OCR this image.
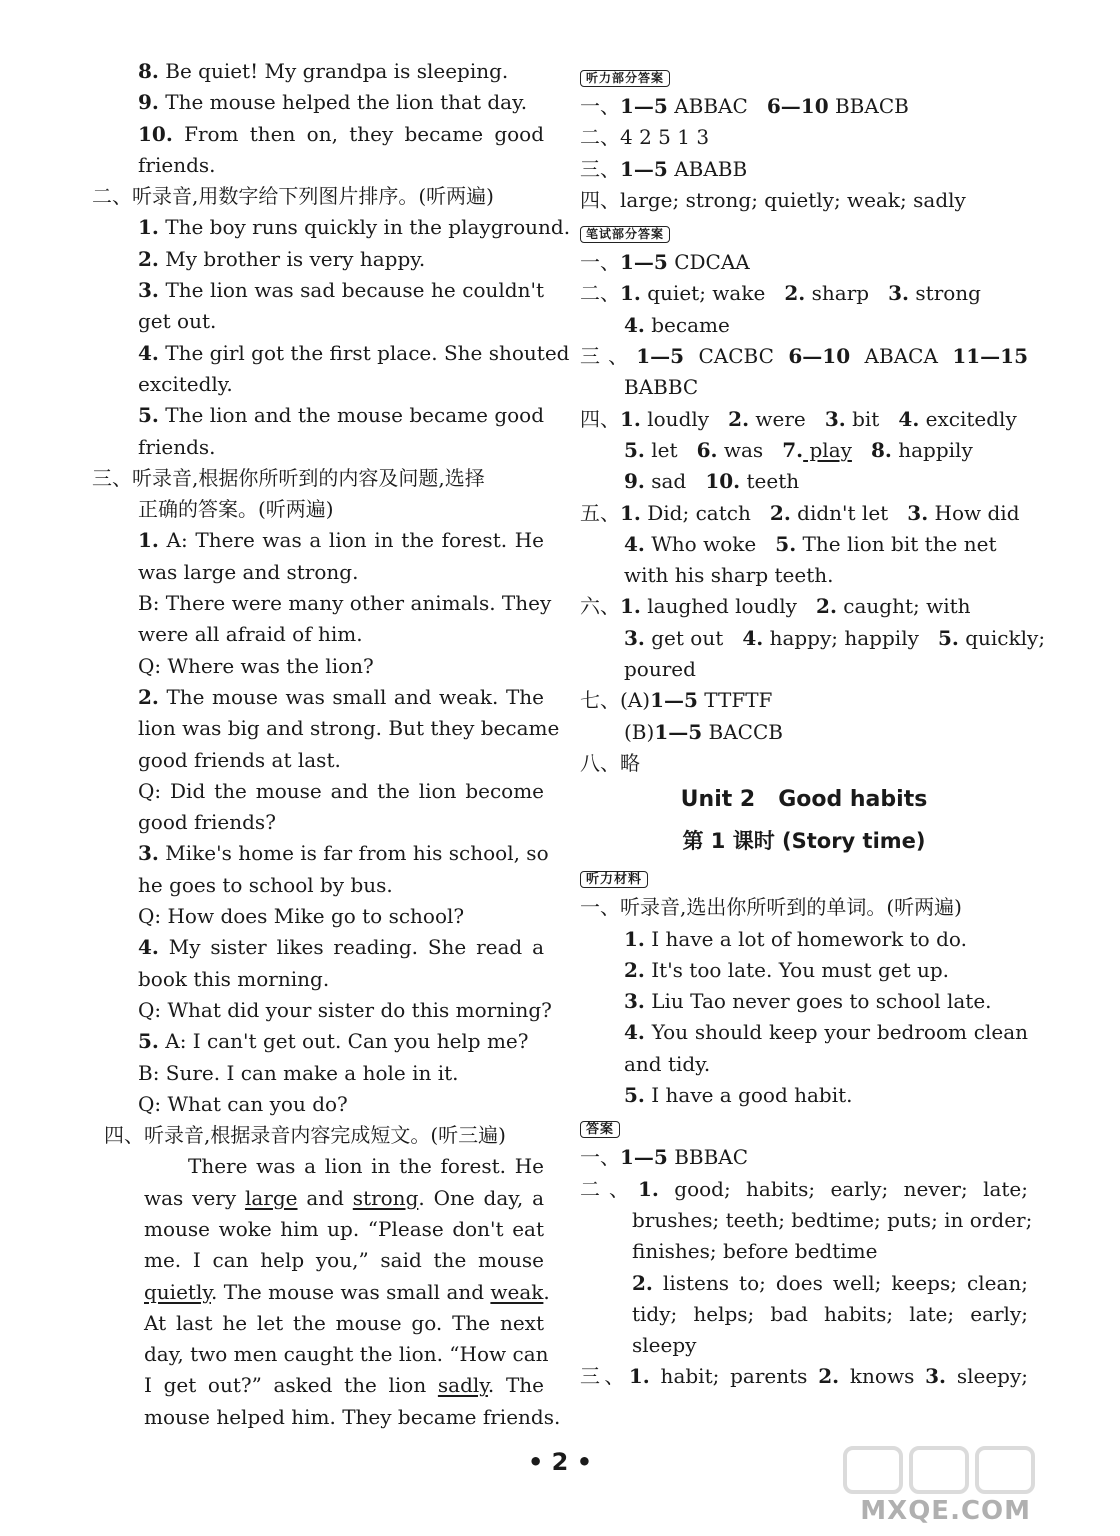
8. Be quiet! My grandpa is sleeping.
9. The mouse helped the lion that day.
10. From then on, they became good
friends.
二、听录音,用数字给下列图片排序。(听两遍)
1. The boy runs quickly in the playground.
2. My brother is very happy.
3. The lion was sad because he couldn't
get out.
4. The girl got the first place. She shouted
excitedly.
5. The lion and the mouse became good
friends.
三、听录音,根据你所听到的内容及问题,选择
正确的答案。(听两遍)
1. A: There was a lion in the forest. He
was large and strong.
B: There were many other animals. They
were all afraid of him.
Q: Where was the lion?
2. The mouse was small and weak. The
lion was big and strong. But they became
good friends at last.
Q: Did the mouse and the lion become
good friends?
3. Mike's home is far from his school, so
he goes to school by bus.
Q: How does Mike go to school?
4. My sister likes reading. She read a
book this morning.
Q: What did your sister do this morning?
5. A: I can't get out. Can you help me?
B: Sure. I can make a hole in it.
Q: What can you do?
四、听录音,根据录音内容完成短文。(听三遍)
There was a lion in the forest. He
was very large and strong. One day, a
mouse woke him up. “Please don't eat
me. I can help you,” said the mouse
quietly. The mouse was small and weak.
At last he let the mouse go. The next
day, two men caught the lion. “How can
I get out?” asked the lion sadly. The
mouse helped him. They became friends.
听力部分答案
一、1—5 ABBAC 6—10 BBACB
二、4 2 5 1 3
三、1—5 ABABB
四、large; strong; quietly; weak; sadly
笔试部分答案
一、1—5 CDCAA
二、1. quiet; wake 2. sharp 3. strong
4. became
三、1—5 CACBC 6—10 ABACA 11—15
BABBC
四、1. loudly 2. were 3. bit 4. excitedly
5. let 6. was 7. play 8. happily
9. sad 10. teeth
五、1. Did; catch 2. didn't let 3. How did
4. Who woke 5. The lion bit the net
with his sharp teeth.
六、1. laughed loudly 2. caught; with
3. get out 4. happy; happily 5. quickly;
poured
七、(A)1—5 TTFTF
(B)1—5 BACCB
八、略
Unit 2   Good habits
第 1 课时 (Story time)
听力材料
一、听录音,选出你所听到的单词。(听两遍)
1. I have a lot of homework to do.
2. It's too late. You must get up.
3. Liu Tao never goes to school late.
4. You should keep your bedroom clean
and tidy.
5. I have a good habit.
答案
一、1—5 BBBAC
二、1. good; habits; early; never; late;
brushes; teeth; bedtime; puts; in order;
finishes; before bedtime
2. listens to; does well; keeps; clean;
tidy; helps; bad habits; late; early;
sleepy
三、1. habit; parents 2. knows 3. sleepy;
• 2 •
MXQE.COM
